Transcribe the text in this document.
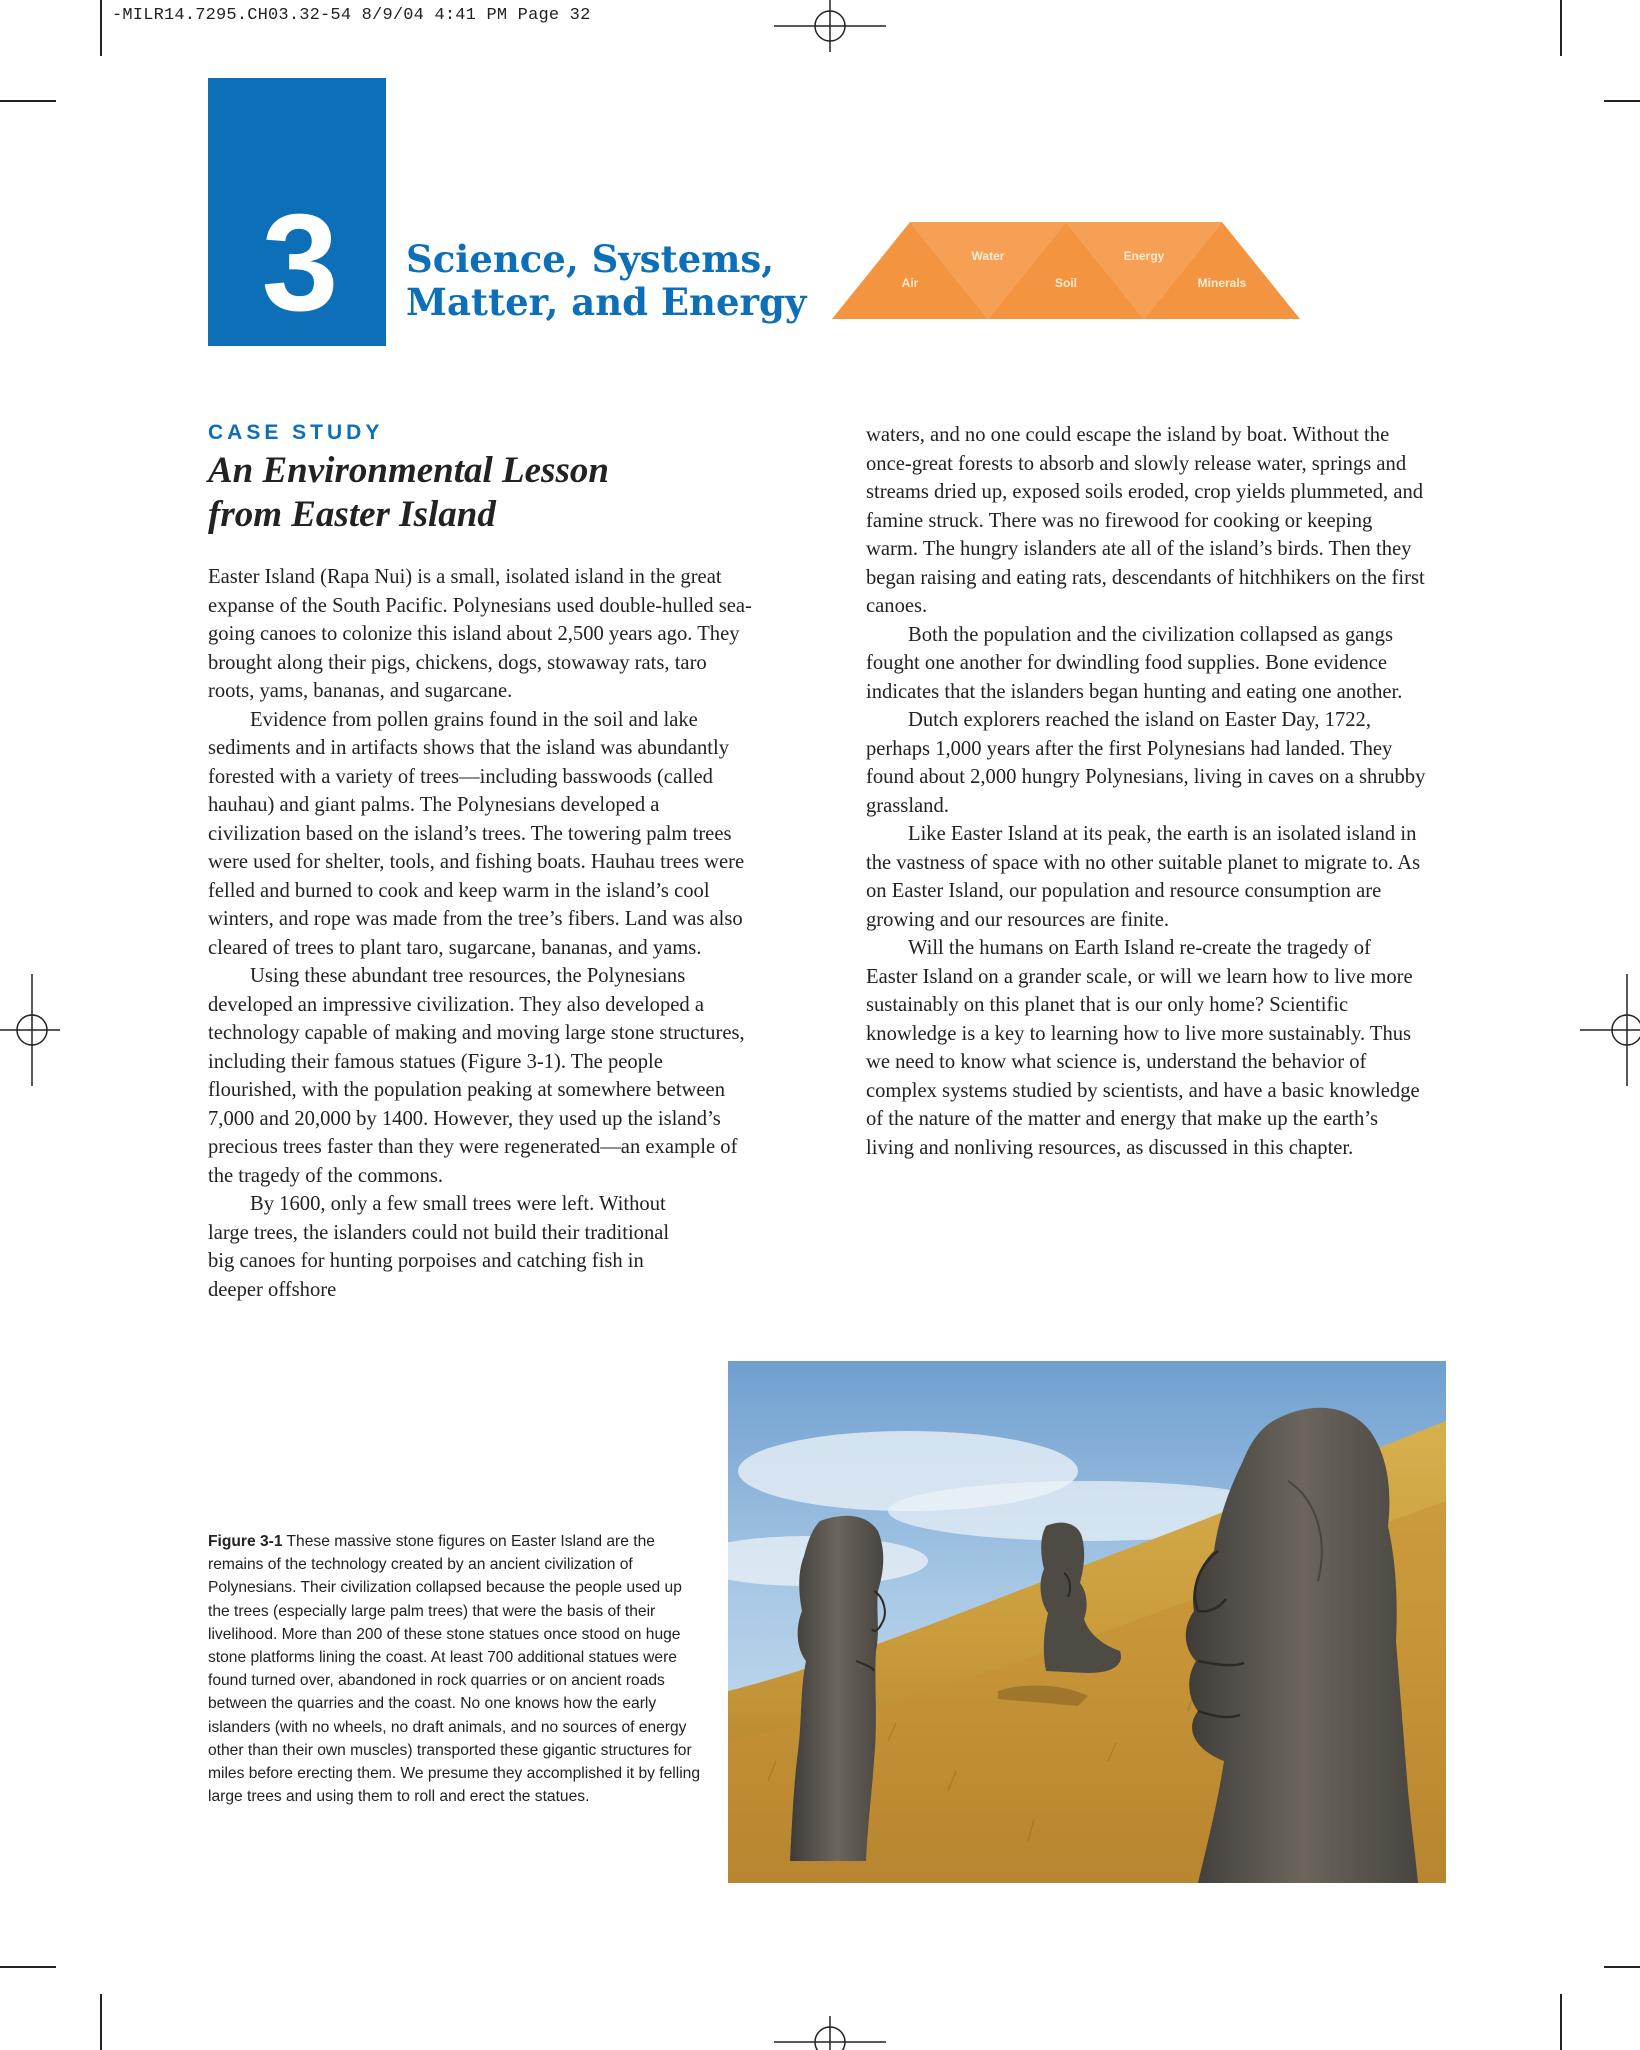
-MILR14.7295.CH03.32-54 8/9/04 4:41 PM Page 32
3 Science, Systems,
Matter, and Energy	Air
Water
Soil
Energy
Minerals
CASE STUDY
An Environmental Lesson
from Easter Island

Easter Island (Rapa Nui) is a small, isolated island in the great expanse of the South Pacific. Polynesians used double-hulled sea-going canoes to colonize this island about 2,500 years ago. They brought along their pigs, chickens, dogs, stowaway rats, taro roots, yams, bananas, and sugarcane.

Evidence from pollen grains found in the soil and lake sediments and in artifacts shows that the island was abundantly forested with a variety of trees—including basswoods (called hauhau) and giant palms. The Polynesians developed a civilization based on the island’s trees. The towering palm trees were used for shelter, tools, and fishing boats. Hauhau trees were felled and burned to cook and keep warm in the island’s cool winters, and rope was made from the tree’s fibers. Land was also cleared of trees to plant taro, sugarcane, bananas, and yams.

Using these abundant tree resources, the Polynesians developed an impressive civilization. They also developed a technology capable of making and moving large stone structures, including their famous statues (Figure 3-1). The people flourished, with the population peaking at somewhere between 7,000 and 20,000 by 1400. However, they used up the island’s precious trees faster than they were regenerated—an example of the tragedy of the commons.

By 1600, only a few small trees were left. Without large trees, the islanders could not build their traditional big canoes for hunting porpoises and catching fish in deeper offshore

waters, and no one could escape the island by boat. Without the once-great forests to absorb and slowly release water, springs and streams dried up, exposed soils eroded, crop yields plummeted, and famine struck. There was no firewood for cooking or keeping warm. The hungry islanders ate all of the island’s birds. Then they began raising and eating rats, descendants of hitchhikers on the first canoes.

Both the population and the civilization collapsed as gangs fought one another for dwindling food supplies. Bone evidence indicates that the islanders began hunting and eating one another.

Dutch explorers reached the island on Easter Day, 1722, perhaps 1,000 years after the first Polynesians had landed. They found about 2,000 hungry Polynesians, living in caves on a shrubby grassland.

Like Easter Island at its peak, the earth is an isolated island in the vastness of space with no other suitable planet to migrate to. As on Easter Island, our population and resource consumption are growing and our resources are finite.

Will the humans on Earth Island re-create the tragedy of Easter Island on a grander scale, or will we learn how to live more sustainably on this planet that is our only home? Scientific knowledge is a key to learning how to live more sustainably. Thus we need to know what science is, understand the behavior of complex systems studied by scientists, and have a basic knowledge of the nature of the matter and energy that make up the earth’s living and nonliving resources, as discussed in this chapter.

Figure 3-1 These massive stone figures on Easter Island are the remains of the technology created by an ancient civilization of Polynesians. Their civilization collapsed because the people used up the trees (especially large palm trees) that were the basis of their livelihood. More than 200 of these stone statues once stood on huge stone platforms lining the coast. At least 700 additional statues were found turned over, abandoned in rock quarries or on ancient roads between the quarries and the coast. No one knows how the early islanders (with no wheels, no draft animals, and no sources of energy other than their own muscles) transported these gigantic structures for miles before erecting them. We presume they accomplished it by felling large trees and using them to roll and erect the statues.
